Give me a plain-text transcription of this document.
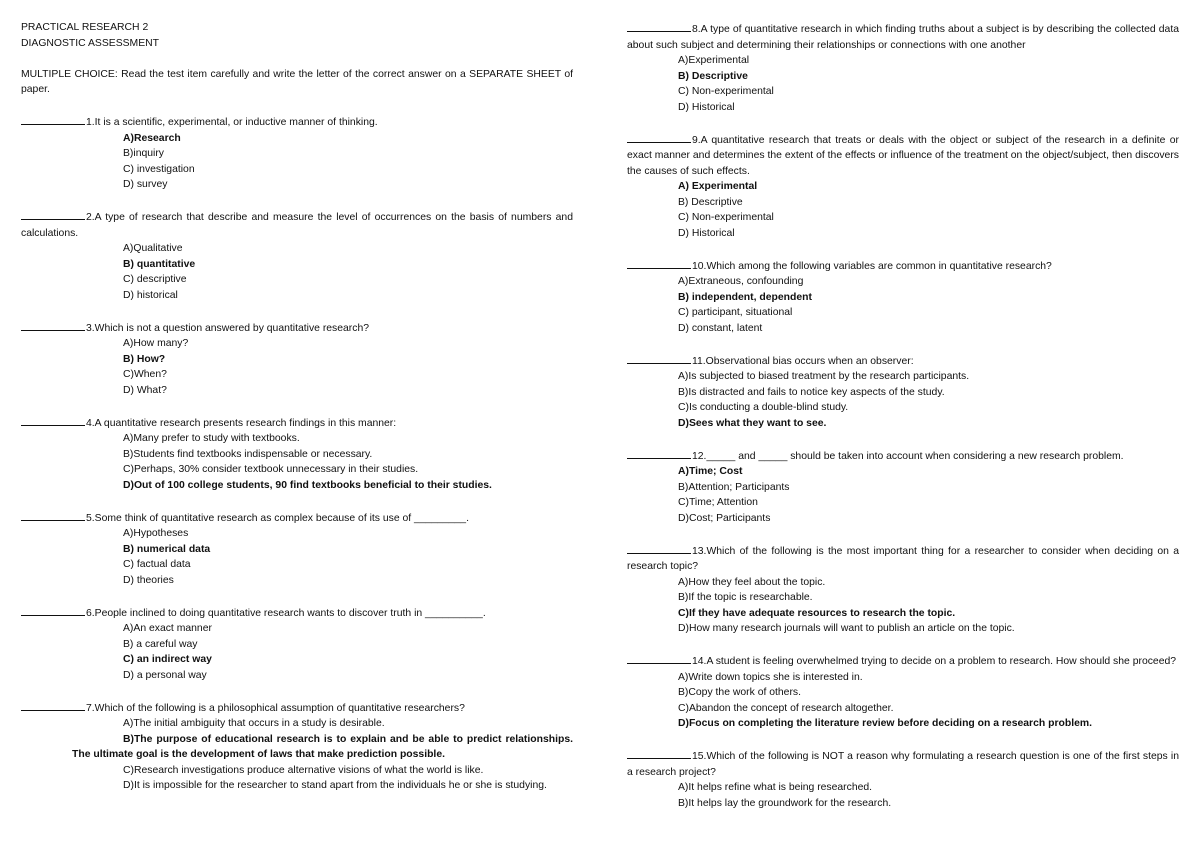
PRACTICAL RESEARCH 2
DIAGNOSTIC ASSESSMENT
MULTIPLE CHOICE: Read the test item carefully and write the letter of the correct answer on a SEPARATE SHEET of paper.
1.It is a scientific, experimental, or inductive manner of thinking.
A)Research
B)inquiry
C) investigation
D) survey
2.A type of research that describe and measure the level of occurrences on the basis of numbers and calculations.
A)Qualitative
B) quantitative
C) descriptive
D) historical
3.Which is not a question answered by quantitative research?
A)How many?
B) How?
C)When?
D) What?
4.A quantitative research presents research findings in this manner:
A)Many prefer to study with textbooks.
B)Students find textbooks indispensable or necessary.
C)Perhaps, 30% consider textbook unnecessary in their studies.
D)Out of 100 college students, 90 find textbooks beneficial to their studies.
5.Some think of quantitative research as complex because of its use of _________.
A)Hypotheses
B) numerical data
C) factual data
D) theories
6.People inclined to doing quantitative research wants to discover truth in __________.
A)An exact manner
B) a careful way
C) an indirect way
D) a personal way
7.Which of the following is a philosophical assumption of quantitative researchers?
A)The initial ambiguity that occurs in a study is desirable.
B)The purpose of educational research is to explain and be able to predict relationships. The ultimate goal is the development of laws that make prediction possible.
C)Research investigations produce alternative visions of what the world is like.
D)It is impossible for the researcher to stand apart from the individuals he or she is studying.
8.A type of quantitative research in which finding truths about a subject is by describing the collected data about such subject and determining their relationships or connections with one another
A)Experimental
B) Descriptive
C) Non-experimental
D) Historical
9.A quantitative research that treats or deals with the object or subject of the research in a definite or exact manner and determines the extent of the effects or influence of the treatment on the object/subject, then discovers the causes of such effects.
A) Experimental
B) Descriptive
C) Non-experimental
D) Historical
10.Which among the following variables are common in quantitative research?
A)Extraneous, confounding
B) independent, dependent
C) participant, situational
D) constant, latent
11.Observational bias occurs when an observer:
A)Is subjected to biased treatment by the research participants.
B)Is distracted and fails to notice key aspects of the study.
C)Is conducting a double-blind study.
D)Sees what they want to see.
12._____ and _____ should be taken into account when considering a new research problem.
A)Time; Cost
B)Attention; Participants
C)Time; Attention
D)Cost; Participants
13.Which of the following is the most important thing for a researcher to consider when deciding on a research topic?
A)How they feel about the topic.
B)If the topic is researchable.
C)If they have adequate resources to research the topic.
D)How many research journals will want to publish an article on the topic.
14.A student is feeling overwhelmed trying to decide on a problem to research. How should she proceed?
A)Write down topics she is interested in.
B)Copy the work of others.
C)Abandon the concept of research altogether.
D)Focus on completing the literature review before deciding on a research problem.
15.Which of the following is NOT a reason why formulating a research question is one of the first steps in a research project?
A)It helps refine what is being researched.
B)It helps lay the groundwork for the research.
